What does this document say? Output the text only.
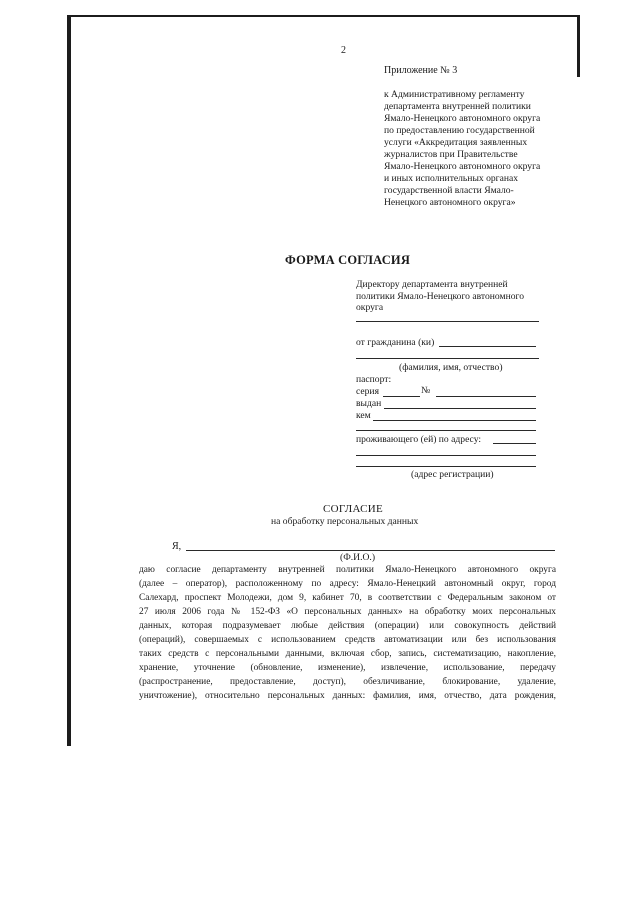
2
Приложение № 3
к Административному регламенту
департамента внутренней политики
Ямало-Ненецкого автономного округа
по предоставлению государственной
услуги «Аккредитация заявленных
журналистов при Правительстве
Ямало-Ненецкого автономного округа
и иных исполнительных органах
государственной власти Ямало-
Ненецкого автономного округа»
ФОРМА СОГЛАСИЯ
Директору департамента внутренней
политики Ямало-Ненецкого автономного
округа
от гражданина (ки)
(фамилия, имя, отчество)
паспорт:
серия	№
выдан
кем
проживающего (ей) по адресу:
(адрес регистрации)
СОГЛАСИЕ
на обработку персональных данных
Я,
(Ф.И.О.)
даю согласие департаменту внутренней политики Ямало-Ненецкого автономного округа
(далее – оператор), расположенному по адресу: Ямало-Ненецкий автономный округ, город
Салехард, проспект Молодежи, дом 9, кабинет 70, в соответствии с Федеральным законом от
27 июля 2006 года № 152-ФЗ «О персональных данных» на обработку моих персональных
данных, которая подразумевает любые действия (операции) или совокупность действий
(операций), совершаемых с использованием средств автоматизации или без использования
таких средств с персональными данными, включая сбор, запись, систематизацию, накопление,
хранение, уточнение (обновление, изменение), извлечение, использование, передачу
(распространение, предоставление, доступ), обезличивание, блокирование, удаление,
уничтожение), относительно персональных данных: фамилия, имя, отчество, дата рождения,
